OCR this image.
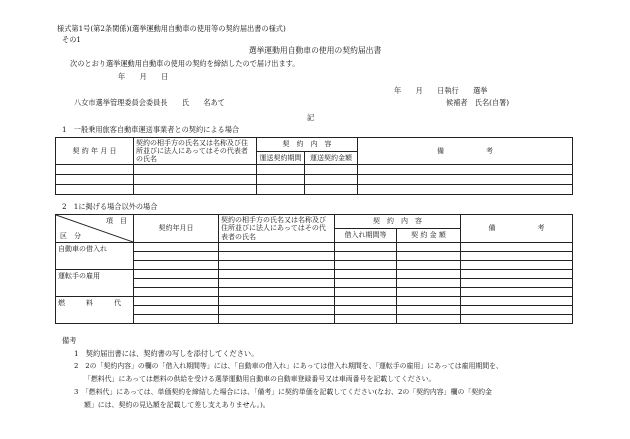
様式第1号(第2条関係)(選挙運動用自動車の使用等の契約届出書の様式)
その1
選挙運動用自動車の使用の契約届出書
次のとおり選挙運動用自動車の使用の契約を締結したので届け出ます。
年　　月　　日
年　　月　　日執行　　選挙
八女市選挙管理委員会委員長　　氏　　名あて	候補者　氏名(自署)
記
1　一般乗用旅客自動車運送事業者との契約による場合
契 約 年 月 日	契約の相手方の氏名又は名称及び住所並びに法人にあってはその代表者の氏名	契　約　内　容		備　　　　　　考
		運送契約期間	運送契約金額	

2　1に掲げる場合以外の場合
項　目
区　分	契約年月日	契約の相手方の氏名又は名称及び住所並びに法人にあってはその代表者の氏名	契　約　内　容		備　　　　　　考
			借入れ期間等	契 約 金 額	
自動車の借入れ					

運転手の雇用					

燃　　　料　　　代					

備考
1　契約届出書には、契約書の写しを添付してください。
2　2の「契約内容」の欄の「借入れ期間等」には、「自動車の借入れ」にあっては借入れ期間を、「運転手の雇用」にあっては雇用期間を、
「燃料代」にあっては燃料の供給を受ける選挙運動用自動車の自動車登録番号又は車両番号を記載してください。
3　「燃料代」にあっては、単価契約を締結した場合には、「備考」に契約単価を記載してください(なお、2の「契約内容」欄の「契約金
額」には、契約の見込額を記載して差し支えありません。)。
